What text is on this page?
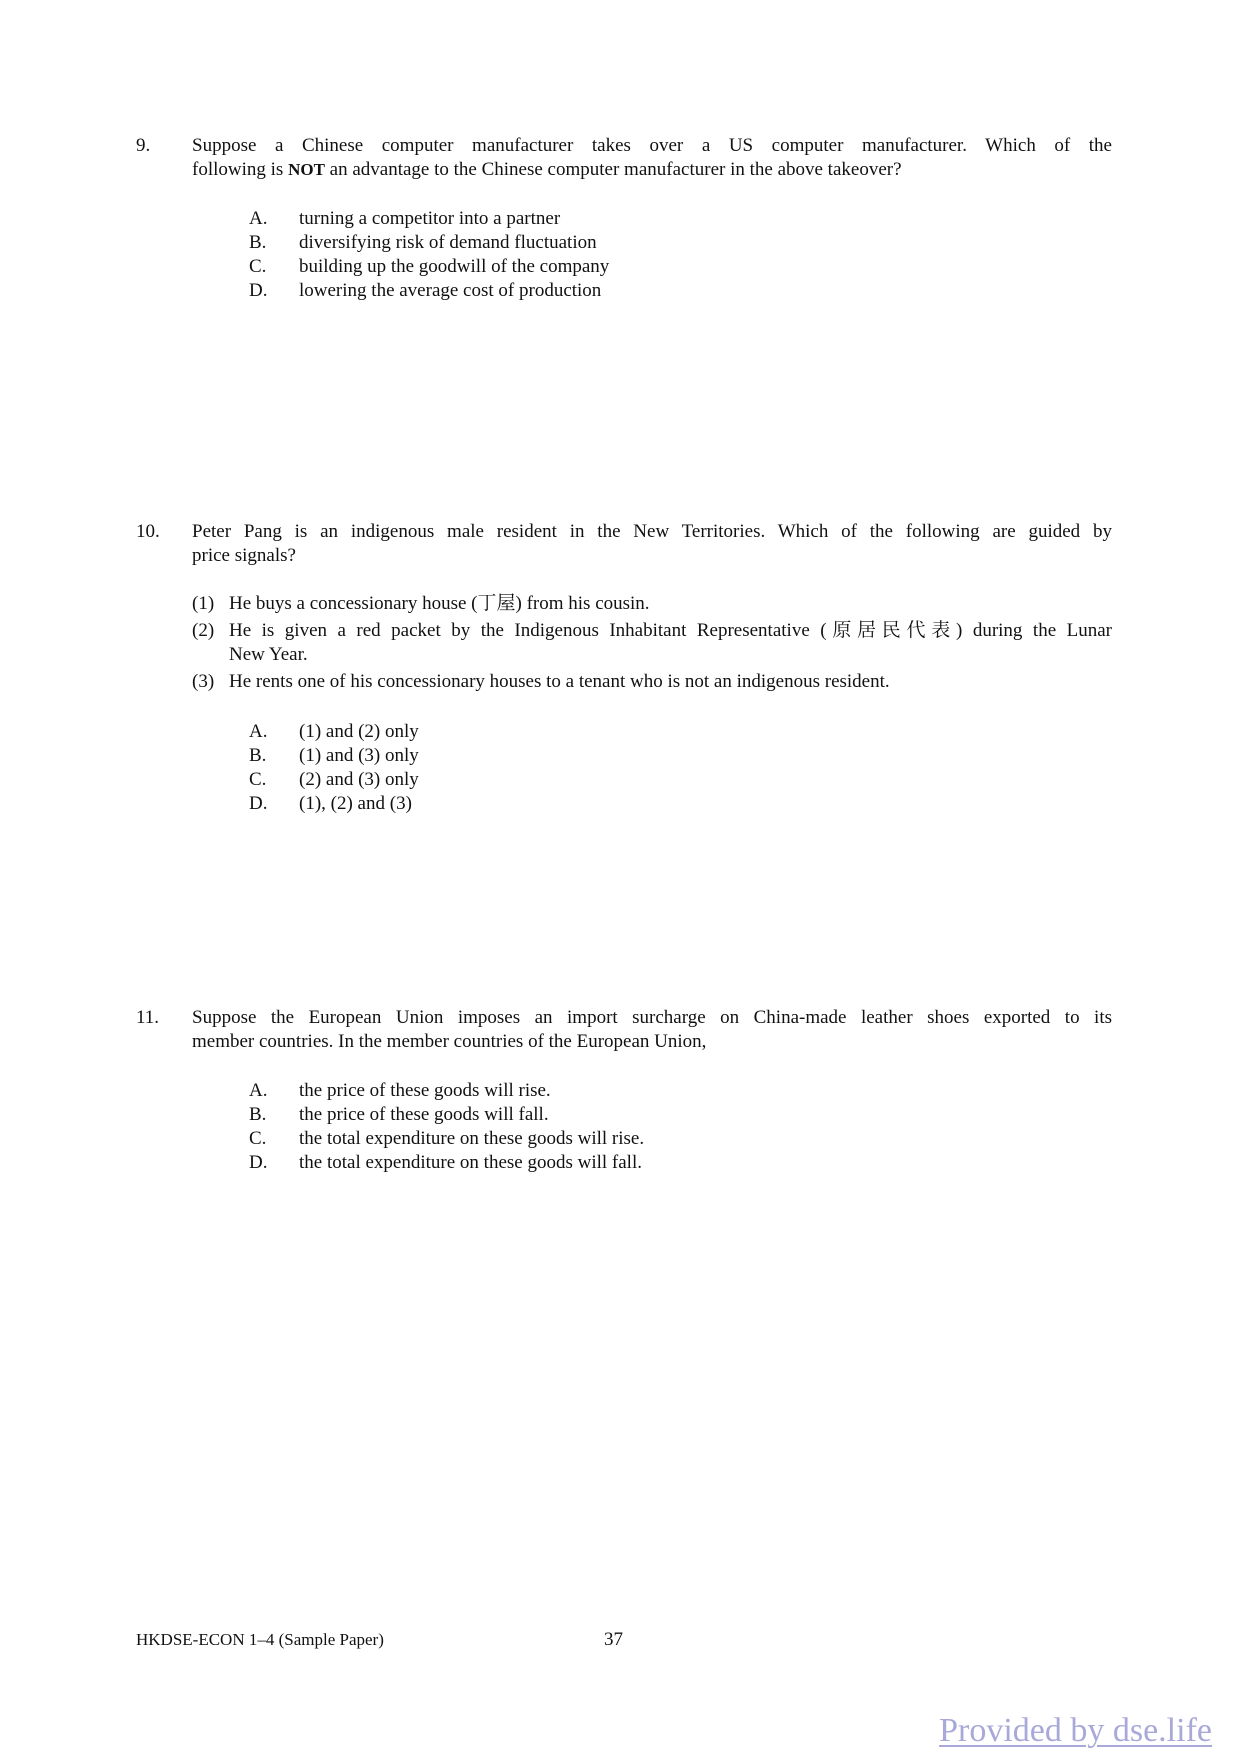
9. Suppose a Chinese computer manufacturer takes over a US computer manufacturer. Which of the
following is NOT an advantage to the Chinese computer manufacturer in the above takeover?
A. turning a competitor into a partner
B. diversifying risk of demand fluctuation
C. building up the goodwill of the company
D. lowering the average cost of production
10. Peter Pang is an indigenous male resident in the New Territories. Which of the following are guided by
price signals?
(1) He buys a concessionary house (丁屋) from his cousin.
(2) He is given a red packet by the Indigenous Inhabitant Representative (原居民代表) during the Lunar
New Year.
(3) He rents one of his concessionary houses to a tenant who is not an indigenous resident.
A. (1) and (2) only
B. (1) and (3) only
C. (2) and (3) only
D. (1), (2) and (3)
11. Suppose the European Union imposes an import surcharge on China-made leather shoes exported to its
member countries. In the member countries of the European Union,
A. the price of these goods will rise.
B. the price of these goods will fall.
C. the total expenditure on these goods will rise.
D. the total expenditure on these goods will fall.
HKDSE-ECON 1–4 (Sample Paper)	37
Provided by dse.life
